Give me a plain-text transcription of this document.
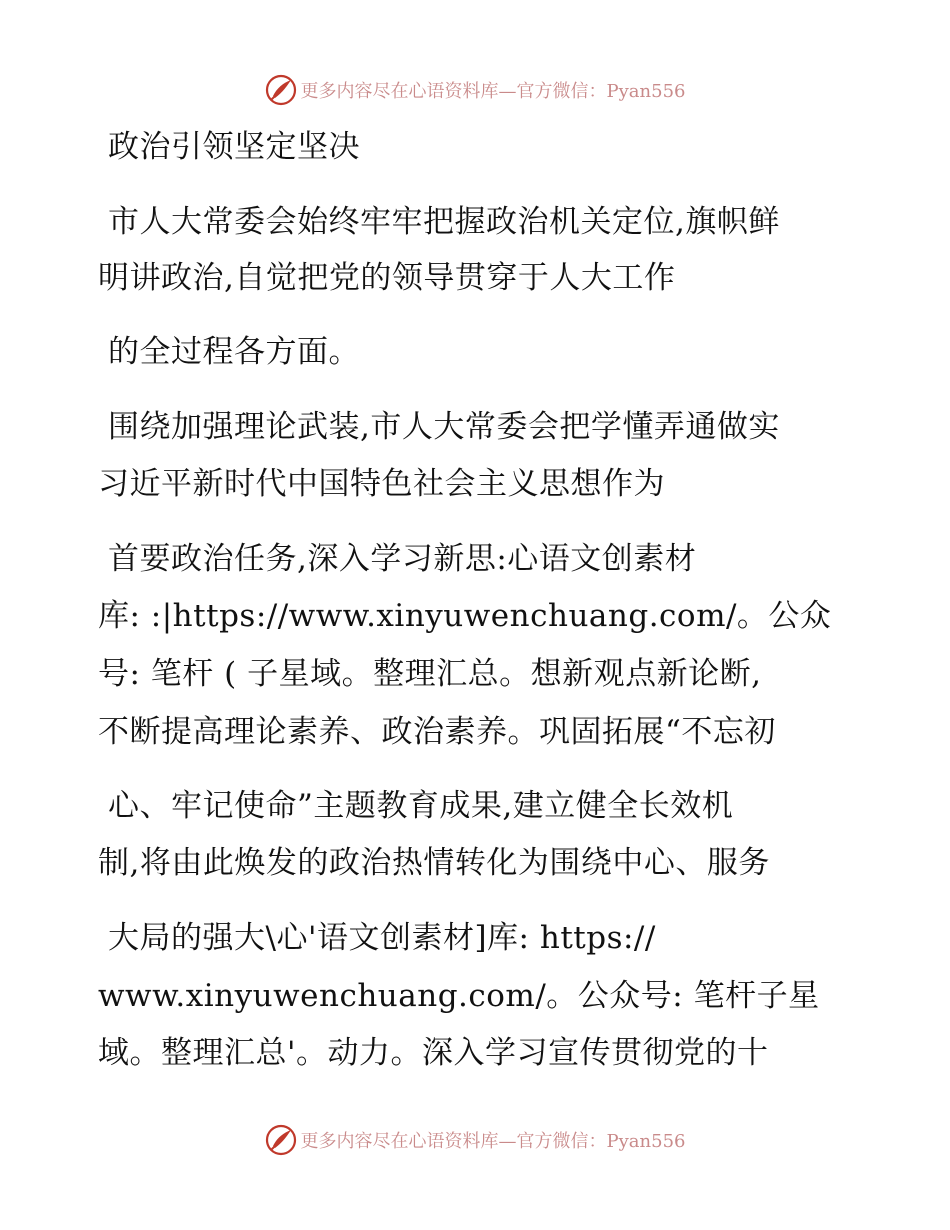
更多内容尽在心语资料库—官方微信：Pyan556
政治引领坚定坚决
市人大常委会始终牢牢把握政治机关定位,旗帜鲜
明讲政治,自觉把党的领导贯穿于人大工作
的全过程各方面。
围绕加强理论武装,市人大常委会把学懂弄通做实
习近平新时代中国特色社会主义思想作为
首要政治任务,深入学习新思:心语文创素材
库: :|https://www.xinyuwenchuang.com/。公众
号: 笔杆 ( 子星域。整理汇总。想新观点新论断,
不断提高理论素养、政治素养。巩固拓展“不忘初
心、牢记使命”主题教育成果,建立健全长效机
制,将由此焕发的政治热情转化为围绕中心、服务
大局的强大\心'语文创素材]库: https://
www.xinyuwenchuang.com/。公众号: 笔杆子星
域。整理汇总'。动力。深入学习宣传贯彻党的十
更多内容尽在心语资料库—官方微信：Pyan556
